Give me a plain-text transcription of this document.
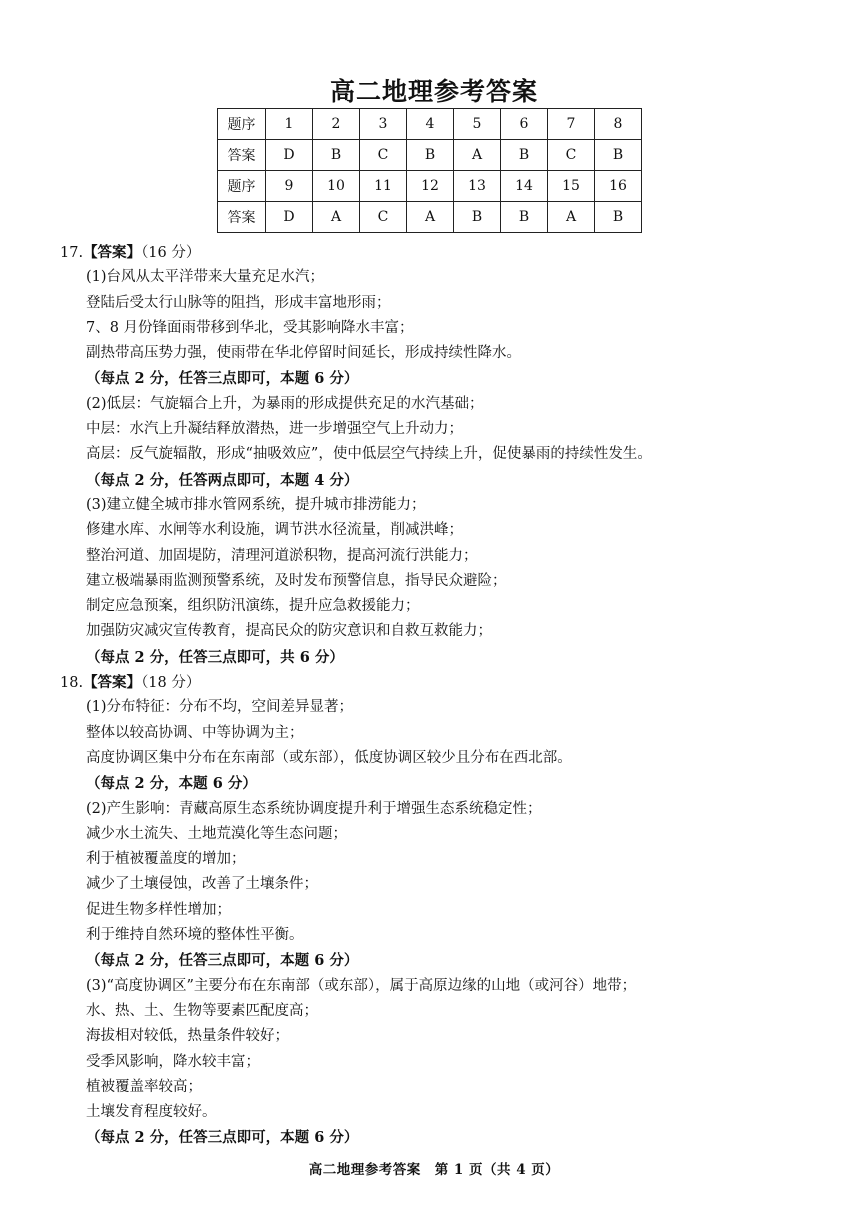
高二地理参考答案
题序	1	2	3	4	5	6	7	8
答案	D	B	C	B	A	B	C	B
题序	9	10	11	12	13	14	15	16
答案	D	A	C	A	B	B	A	B
17.【答案】（16 分）
(1)台风从太平洋带来大量充足水汽；
登陆后受太行山脉等的阻挡，形成丰富地形雨；
7、8 月份锋面雨带移到华北，受其影响降水丰富；
副热带高压势力强，使雨带在华北停留时间延长，形成持续性降水。
（每点 2 分，任答三点即可，本题 6 分）
(2)低层：气旋辐合上升，为暴雨的形成提供充足的水汽基础；
中层：水汽上升凝结释放潜热，进一步增强空气上升动力；
高层：反气旋辐散，形成“抽吸效应”，使中低层空气持续上升，促使暴雨的持续性发生。
（每点 2 分，任答两点即可，本题 4 分）
(3)建立健全城市排水管网系统，提升城市排涝能力；
修建水库、水闸等水利设施，调节洪水径流量，削减洪峰；
整治河道、加固堤防，清理河道淤积物，提高河流行洪能力；
建立极端暴雨监测预警系统，及时发布预警信息，指导民众避险；
制定应急预案，组织防汛演练，提升应急救援能力；
加强防灾减灾宣传教育，提高民众的防灾意识和自救互救能力；
（每点 2 分，任答三点即可，共 6 分）
18.【答案】（18 分）
(1)分布特征：分布不均，空间差异显著；
整体以较高协调、中等协调为主；
高度协调区集中分布在东南部（或东部），低度协调区较少且分布在西北部。
（每点 2 分，本题 6 分）
(2)产生影响：青藏高原生态系统协调度提升利于增强生态系统稳定性；
减少水土流失、土地荒漠化等生态问题；
利于植被覆盖度的增加；
减少了土壤侵蚀，改善了土壤条件；
促进生物多样性增加；
利于维持自然环境的整体性平衡。
（每点 2 分，任答三点即可，本题 6 分）
(3)“高度协调区”主要分布在东南部（或东部），属于高原边缘的山地（或河谷）地带；
水、热、土、生物等要素匹配度高；
海拔相对较低，热量条件较好；
受季风影响，降水较丰富；
植被覆盖率较高；
土壤发育程度较好。
（每点 2 分，任答三点即可，本题 6 分）
高二地理参考答案　第 1 页（共 4 页）
